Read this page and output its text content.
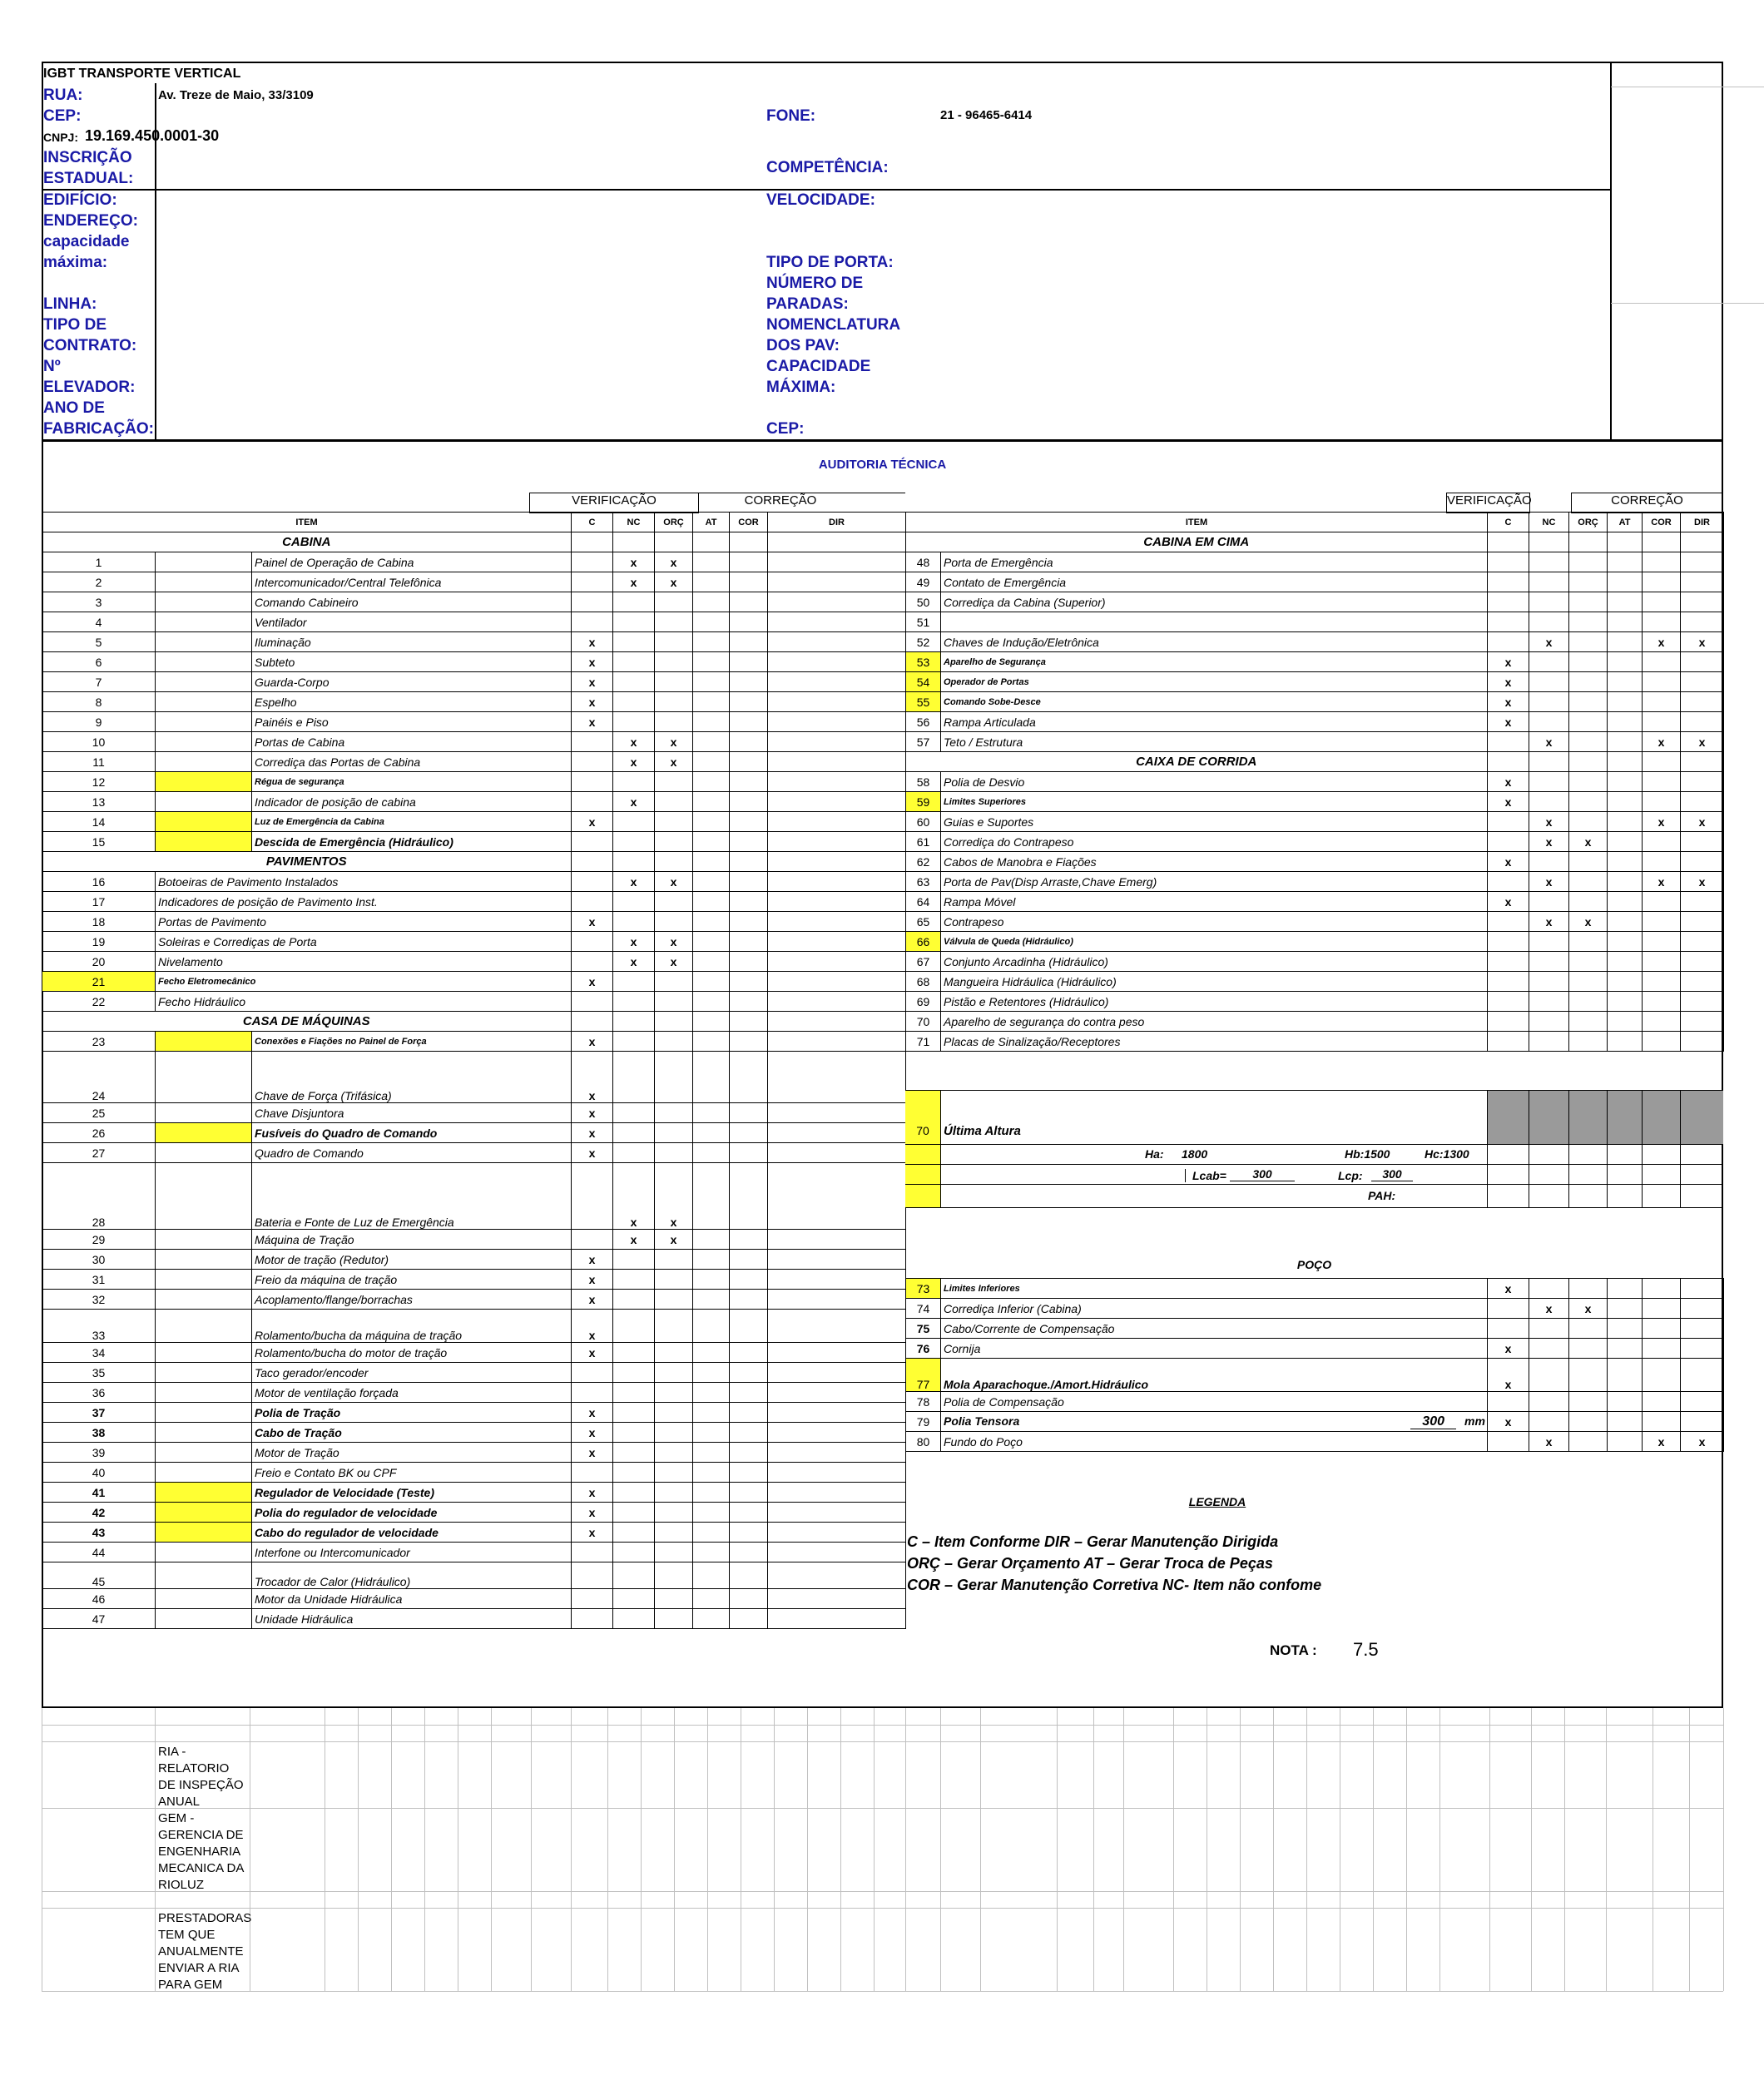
IGBT TRANSPORTE VERTICAL
RUA:	Av. Treze de Maio, 33/3109
CEP:	FONE:	21 - 96465-6414
CNPJ: 19.169.450.0001-30
INSCRIÇÃO
ESTADUAL:
COMPETÊNCIA:
EDIFÍCIO:
ENDEREÇO:
capacidade
máxima:
LINHA:
TIPO DE
CONTRATO:
Nº
ELEVADOR:
ANO DE
FABRICAÇÃO:
VELOCIDADE:
TIPO DE PORTA:
NÚMERO DE
PARADAS:
NOMENCLATURA
DOS PAV:
CAPACIDADE
MÁXIMA:
CEP:
AUDITORIA TÉCNICA
VERIFICAÇÃO	CORREÇÃO	VERIFICAÇÃO	CORREÇÃO
ITEM			C	NC	ORÇ	AT	COR	DIR
CABINA								
1		Painel de Operação de Cabina		x	x			
2		Intercomunicador/Central Telefônica		x	x			
3		Comando Cabineiro						
4		Ventilador						
5		Iluminação	x					
6		Subteto	x					
7		Guarda-Corpo	x					
8		Espelho	x					
9		Painéis e Piso	x					
10		Portas de Cabina		x	x			
11		Corrediça das Portas de Cabina		x	x			
12		Régua de segurança						
13		Indicador de posição de cabina		x				
14		Luz de Emergência da Cabina	x					
15		Descida de Emergência (Hidráulico)						
PAVIMENTOS								
16	Botoeiras de Pavimento Instalados			x	x			
17	Indicadores de posição de Pavimento Inst.							
18	Portas de Pavimento		x					
19	Soleiras e Corrediças de Porta			x	x			
20	Nivelamento			x	x			
21	Fecho Eletromecânico		x					
22	Fecho Hidráulico							
CASA DE MÁQUINAS								
23		Conexões e Fiações no Painel de Força	x					
24		Chave de Força (Trifásica)	x					
25		Chave Disjuntora	x					
26		Fusíveis do Quadro de Comando	x					
27		Quadro de Comando	x					
28		Bateria e Fonte de Luz de Emergência		x	x			
29		Máquina de Tração		x	x			
30		Motor de tração (Redutor)	x					
31		Freio da máquina de tração	x					
32		Acoplamento/flange/borrachas	x					
33		Rolamento/bucha da máquina de tração	x					
34		Rolamento/bucha do motor de tração	x					
35		Taco gerador/encoder						
36		Motor de ventilação forçada						
37		Polia de Tração	x					
38		Cabo de Tração	x					
39		Motor de Tração	x					
40		Freio e Contato BK ou CPF						
41		Regulador de Velocidade (Teste)	x					
42		Polia do regulador de velocidade	x					
43		Cabo do regulador de velocidade	x					
44		Interfone ou Intercomunicador						
45		Trocador de Calor (Hidráulico)						
46		Motor da Unidade Hidráulica						
47		Unidade Hidráulica						
ITEM		C	NC	ORÇ	AT	COR	DIR
CABINA EM CIMA							
48	Porta de Emergência						
49	Contato de Emergência						
50	Corrediça da Cabina (Superior)						
51							
52	Chaves de Indução/Eletrônica		x			x	x
53	Aparelho de Segurança	x					
54	Operador de Portas	x					
55	Comando Sobe-Desce	x					
56	Rampa Articulada	x					
57	Teto / Estrutura		x			x	x
CAIXA DE CORRIDA							
58	Polia de Desvio	x					
59	Limites Superiores	x					
60	Guias e Suportes		x			x	x
61	Corrediça do Contrapeso		x	x			
62	Cabos de Manobra e Fiações	x					
63	Porta de Pav(Disp Arraste,Chave Emerg)		x			x	x
64	Rampa Móvel	x					
65	Contrapeso		x	x			
66	Válvula de Queda (Hidráulico)						
67	Conjunto Arcadinha (Hidráulico)						
68	Mangueira Hidráulica (Hidráulico)						
69	Pistão e Retentores (Hidráulico)						
70	Aparelho de segurança do contra peso						
71	Placas de Sinalização/Receptores						
70	Última Altura
Ha: 1800	Hb:1500	Hc:1300
Lcab=	300	Lcp:	300
PAH:
POÇO
73	Limites Inferiores	x					
74	Corrediça Inferior (Cabina)		x	x			
75	Cabo/Corrente de Compensação						
76	Cornija	x					
77	Mola Aparachoque./Amort.Hidráulico	x					
78	Polia de Compensação						
79	Polia Tensora 300 mm	x					
80	Fundo do Poço		x			x	x
LEGENDA
C – Item Conforme DIR – Gerar Manutenção Dirigida
ORÇ – Gerar Orçamento AT – Gerar Troca de Peças
COR – Gerar Manutenção Corretiva NC- Item não confome
NOTA : 7.5
RIA - RELATORIO DE INSPEÇÃO ANUAL
GEM - GERENCIA DE ENGENHARIA MECANICA DA RIOLUZ
PRESTADORAS TEM QUE ANUALMENTE ENVIAR A RIA PARA GEM
